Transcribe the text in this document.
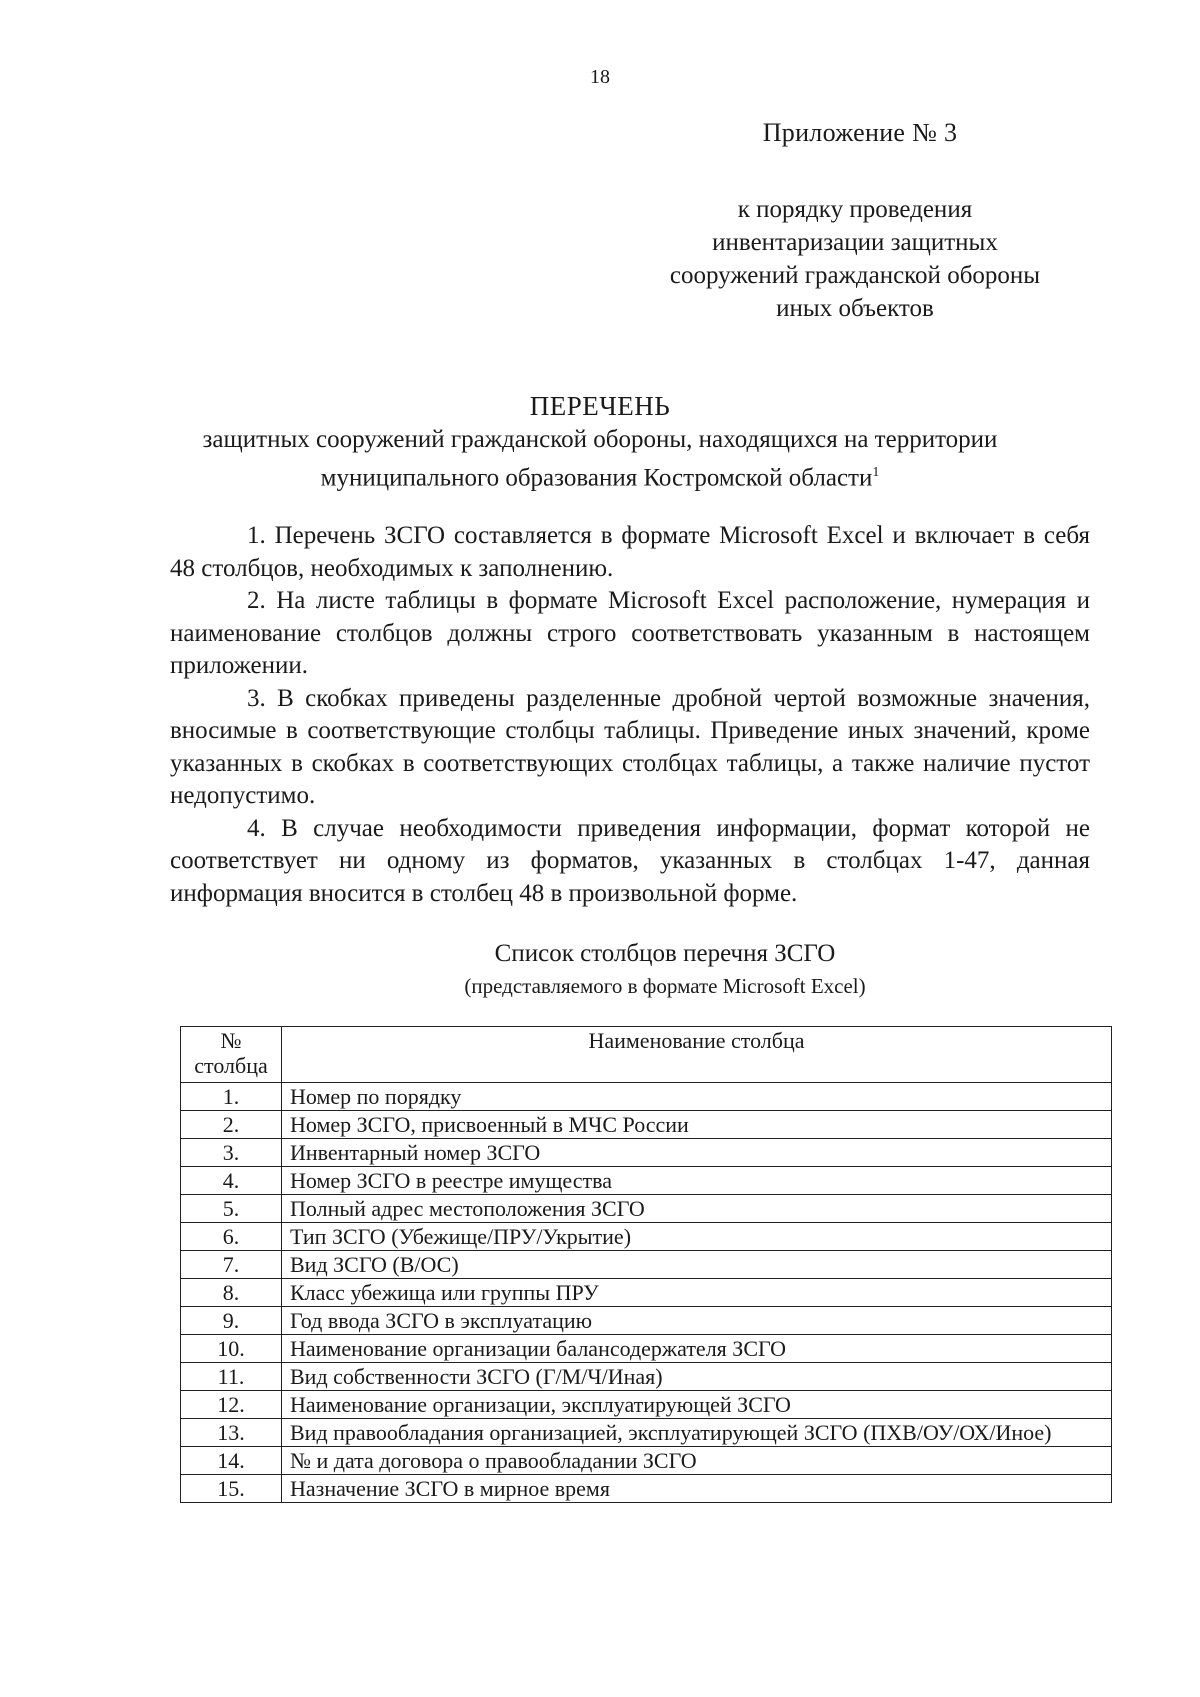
18
Приложение № 3
к порядку проведения
инвентаризации защитных
сооружений гражданской обороны
иных объектов
ПЕРЕЧЕНЬ
защитных сооружений гражданской обороны, находящихся на территории
муниципального образования Костромской области$^1$

1. Перечень ЗСГО составляется в формате Microsoft Excel и включает в себя 48 столбцов, необходимых к заполнению.

2. На листе таблицы в формате Microsoft Excel расположение, нумерация и наименование столбцов должны строго соответствовать указанным в настоящем приложении.

3. В скобках приведены разделенные дробной чертой возможные значения, вносимые в соответствующие столбцы таблицы. Приведение иных значений, кроме указанных в скобках в соответствующих столбцах таблицы, а также наличие пустот недопустимо.

4. В случае необходимости приведения информации, формат которой не соответствует ни одному из форматов, указанных в столбцах 1-47, данная информация вносится в столбец 48 в произвольной форме.

Список столбцов перечня ЗСГО
(представляемого в формате Microsoft Excel)
№
столбца	Наименование столбца
1.	Номер по порядку
2.	Номер ЗСГО, присвоенный в МЧС России
3.	Инвентарный номер ЗСГО
4.	Номер ЗСГО в реестре имущества
5.	Полный адрес местоположения ЗСГО
6.	Тип ЗСГО (Убежище/ПРУ/Укрытие)
7.	Вид ЗСГО (В/ОС)
8.	Класс убежища или группы ПРУ
9.	Год ввода ЗСГО в эксплуатацию
10.	Наименование организации балансодержателя ЗСГО
11.	Вид собственности ЗСГО (Г/М/Ч/Иная)
12.	Наименование организации, эксплуатирующей ЗСГО
13.	Вид правообладания организацией, эксплуатирующей ЗСГО (ПХВ/ОУ/ОХ/Иное)
14.	№ и дата договора о правообладании ЗСГО
15.	Назначение ЗСГО в мирное время
